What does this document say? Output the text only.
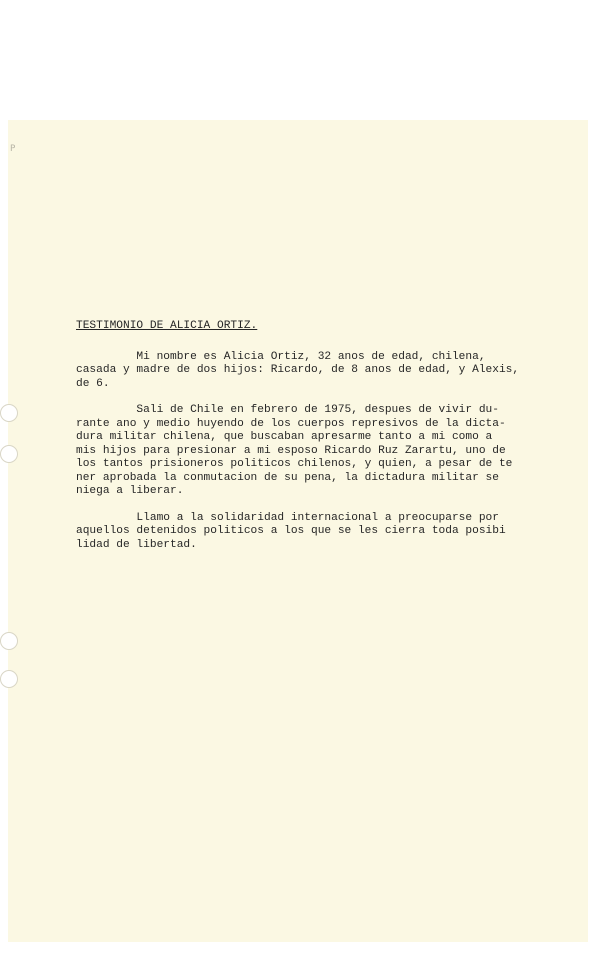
P
TESTIMONIO DE ALICIA ORTIZ.
Mi nombre es Alicia Ortiz, 32 anos de edad, chilena,
casada y madre de dos hijos: Ricardo, de 8 anos de edad, y Alexis,
de 6.
Sali de Chile en febrero de 1975, despues de vivir du-
rante ano y medio huyendo de los cuerpos represivos de la dicta-
dura militar chilena, que buscaban apresarme tanto a mi como a
mis hijos para presionar a mi esposo Ricardo Ruz Zarartu, uno de
los tantos prisioneros politicos chilenos, y quien, a pesar de te
ner aprobada la conmutacion de su pena, la dictadura militar se
niega a liberar.
Llamo a la solidaridad internacional a preocuparse por
aquellos detenidos politicos a los que se les cierra toda posibi
lidad de libertad.
